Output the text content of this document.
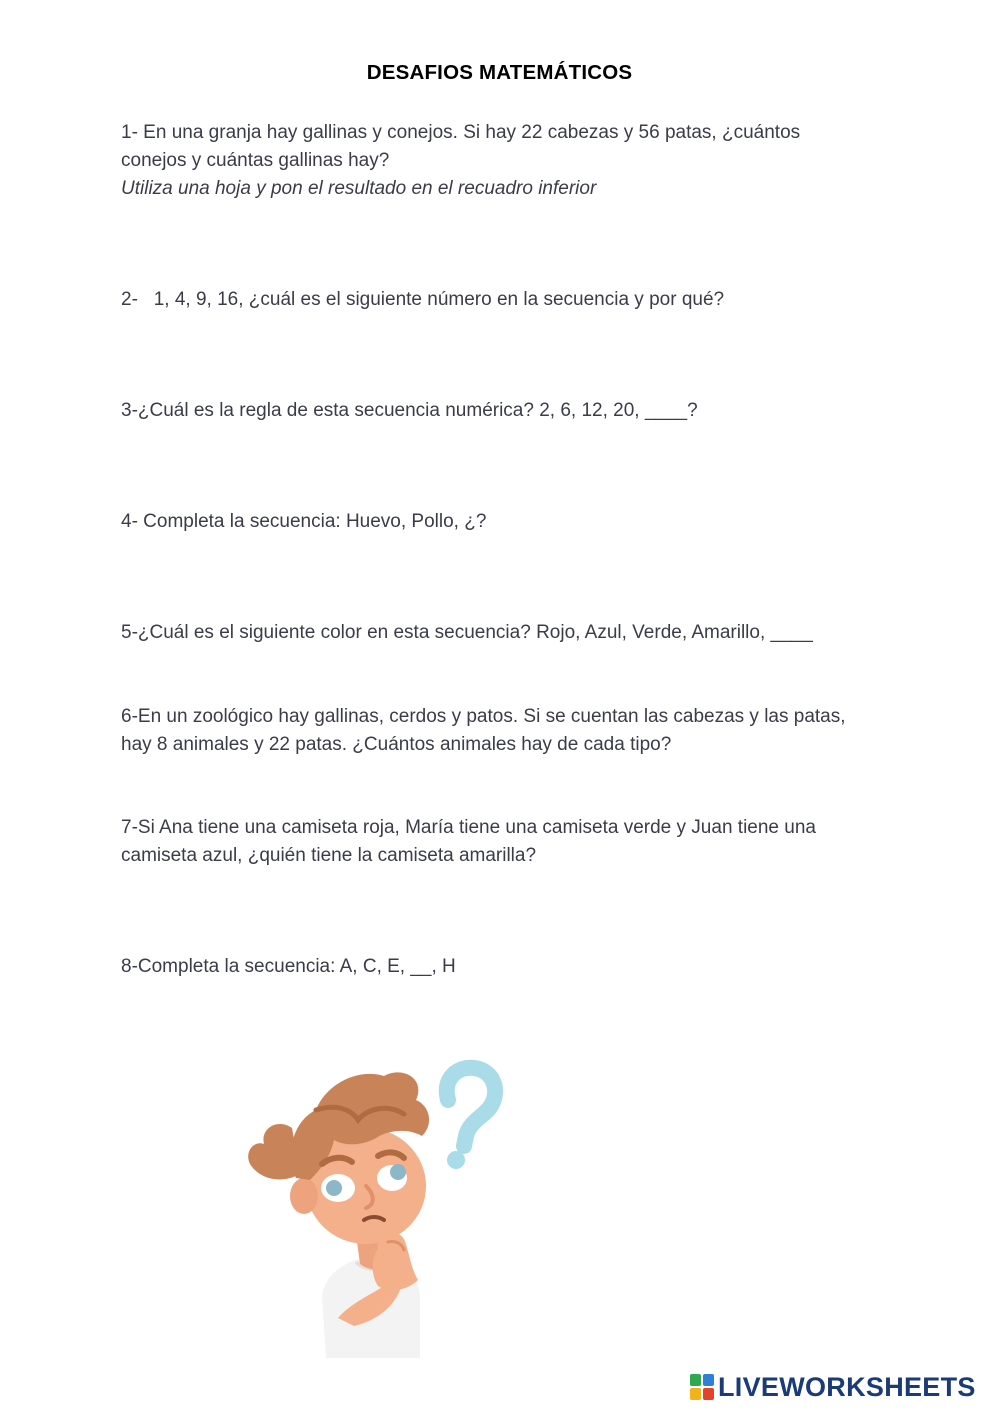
DESAFIOS MATEMÁTICOS
1- En una granja hay gallinas y conejos. Si hay 22 cabezas y 56 patas, ¿cuántos
conejos y cuántas gallinas hay?
Utiliza una hoja y pon el resultado en el recuadro inferior
2-   1, 4, 9, 16, ¿cuál es el siguiente número en la secuencia y por qué?
3-¿Cuál es la regla de esta secuencia numérica? 2, 6, 12, 20, ____?
4- Completa la secuencia: Huevo, Pollo, ¿?
5-¿Cuál es el siguiente color en esta secuencia? Rojo, Azul, Verde, Amarillo, ____
6-En un zoológico hay gallinas, cerdos y patos. Si se cuentan las cabezas y las patas,
hay 8 animales y 22 patas. ¿Cuántos animales hay de cada tipo?
7-Si Ana tiene una camiseta roja, María tiene una camiseta verde y Juan tiene una
camiseta azul, ¿quién tiene la camiseta amarilla?
8-Completa la secuencia: A, C, E, __, H
LIVEWORKSHEETS
